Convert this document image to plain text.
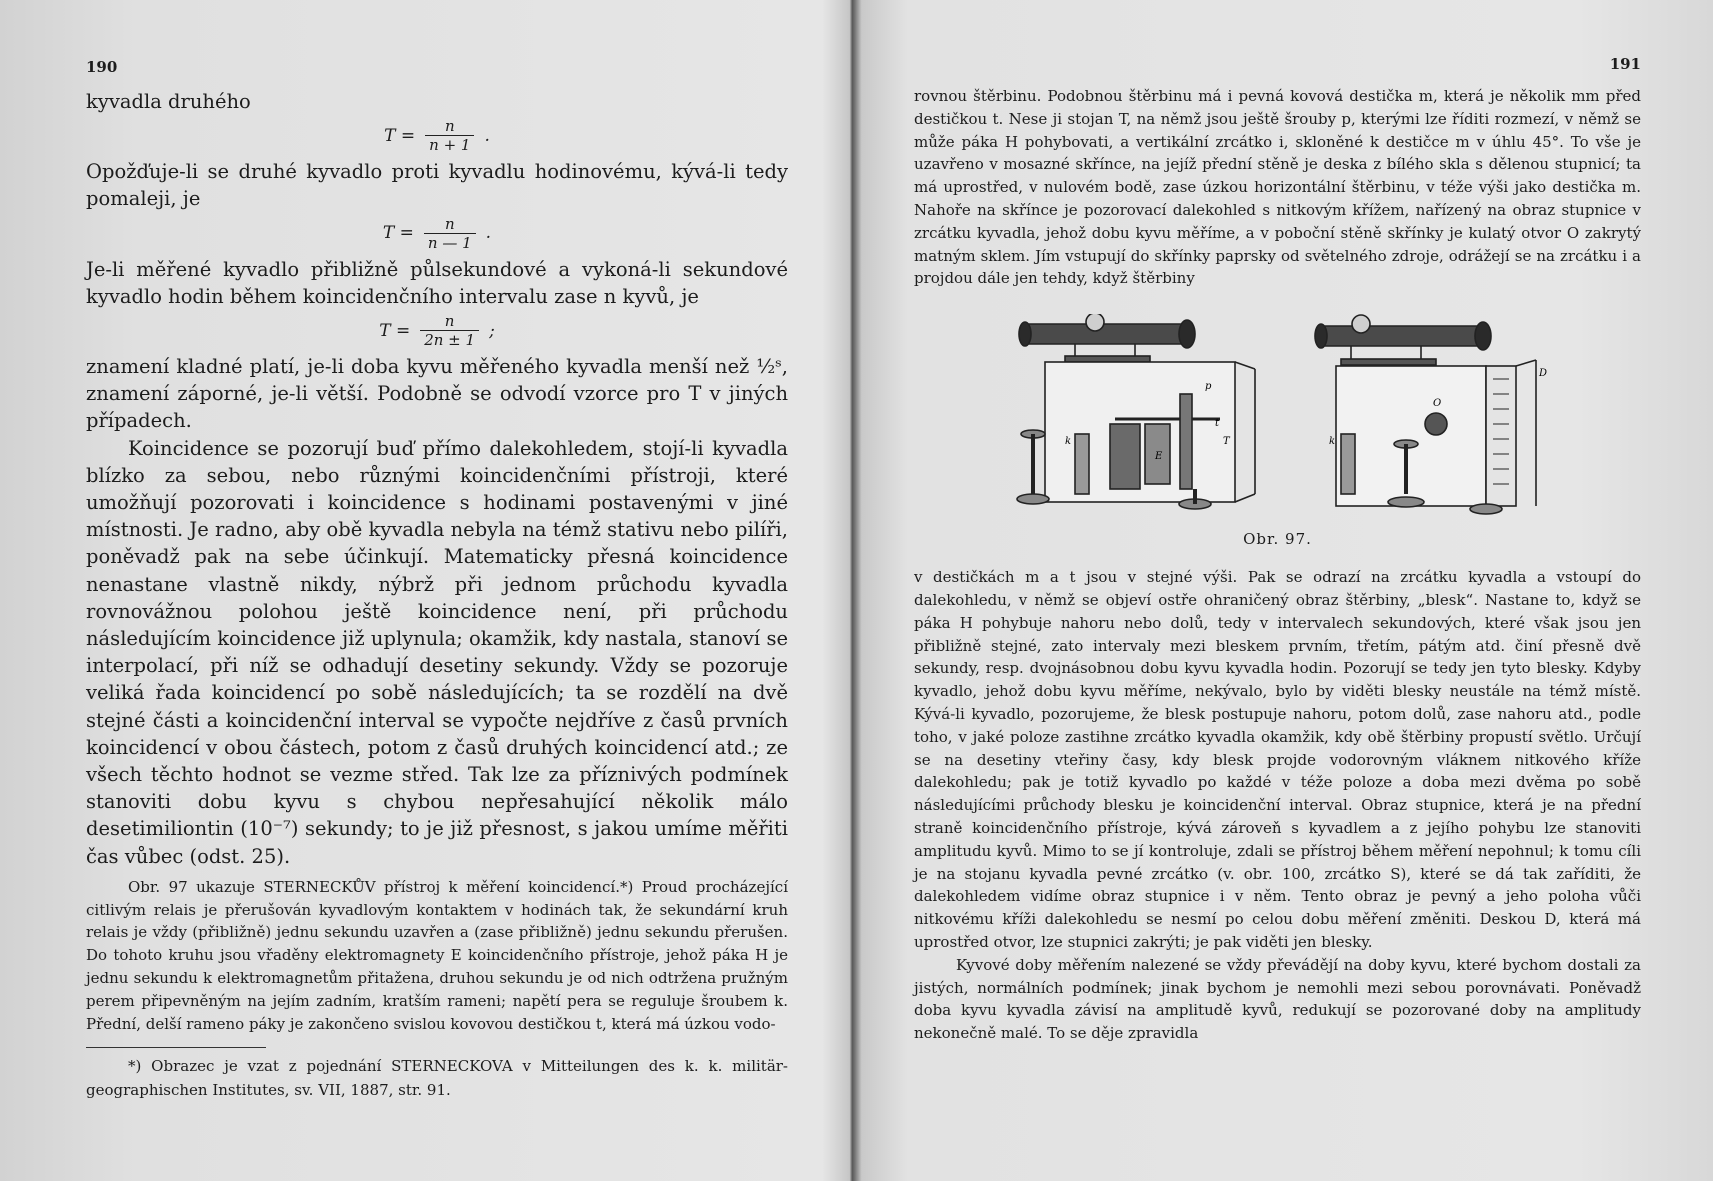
190

kyvadla druhého

$T = \frac{n}{n + 1}$ .

Opožďuje-li se druhé kyvadlo proti kyvadlu hodinovému, kývá-li tedy pomaleji, je

$T = \frac{n}{n — 1}$ .

Je-li měřené kyvadlo přibližně půlsekundové a vykoná-li sekundové kyvadlo hodin během koincidenčního intervalu zase n kyvů, je

$T = \frac{n}{2n \pm 1}$ ;

znamení kladné platí, je-li doba kyvu měřeného kyvadla menší než ½ˢ, znamení záporné, je-li větší. Podobně se odvodí vzorce pro T v jiných případech.

Koincidence se pozorují buď přímo dalekohledem, stojí-li kyvadla blízko za sebou, nebo různými koincidenčními přístroji, které umožňují pozorovati i koincidence s hodinami postavenými v jiné místnosti. Je radno, aby obě kyvadla nebyla na témž stativu nebo pilíři, poněvadž pak na sebe účinkují. Matematicky přesná koincidence nenastane vlastně nikdy, nýbrž při jednom průchodu kyvadla rovnovážnou polohou ještě koincidence není, při průchodu následujícím koincidence již uplynula; okamžik, kdy nastala, stanoví se interpolací, při níž se odhadují desetiny sekundy. Vždy se pozoruje veliká řada koincidencí po sobě následujících; ta se rozdělí na dvě stejné části a koincidenční interval se vypočte nejdříve z časů prvních koincidencí v obou částech, potom z časů druhých koincidencí atd.; ze všech těchto hodnot se vezme střed. Tak lze za příznivých podmínek stanoviti dobu kyvu s chybou nepřesahující několik málo desetimiliontin (10⁻⁷) sekundy; to je již přesnost, s jakou umíme měřiti čas vůbec (odst. 25).

Obr. 97 ukazuje STERNECKŮV přístroj k měření koincidencí.*) Proud procházející citlivým relais je přerušován kyvadlovým kontaktem v hodinách tak, že sekundární kruh relais je vždy (přibližně) jednu sekundu uzavřen a (zase přibližně) jednu sekundu přerušen. Do tohoto kruhu jsou vřaděny elektromagnety E koincidenčního přístroje, jehož páka H je jednu sekundu k elektromagnetům přitažena, druhou sekundu je od nich odtržena pružným perem připevněným na jejím zadním, kratším rameni; napětí pera se reguluje šroubem k. Přední, delší rameno páky je zakončeno svislou kovovou destičkou t, která má úzkou vodo-

*) Obrazec je vzat z pojednání STERNECKOVA v Mitteilungen des k. k. militär-geographischen Institutes, sv. VII, 1887, str. 91.

191

rovnou štěrbinu. Podobnou štěrbinu má i pevná kovová destička m, která je několik mm před destičkou t. Nese ji stojan T, na němž jsou ještě šrouby p, kterými lze říditi rozmezí, v němž se může páka H pohybovati, a vertikální zrcátko i, skloněné k destičce m v úhlu 45°. To vše je uzavřeno v mosazné skřínce, na jejíž přední stěně je deska z bílého skla s dělenou stupnicí; ta má uprostřed, v nulovém bodě, zase úzkou horizontální štěrbinu, v téže výši jako destička m. Nahoře na skřínce je pozorovací dalekohled s nitkovým křížem, nařízený na obraz stupnice v zrcátku kyvadla, jehož dobu kyvu měříme, a v poboční stěně skřínky je kulatý otvor O zakrytý matným sklem. Jím vstupují do skřínky paprsky od světelného zdroje, odrážejí se na zrcátku i a projdou dále jen tehdy, když štěrbiny

p
t
T
E
k
O
k
D
Obr. 97.

v destičkách m a t jsou v stejné výši. Pak se odrazí na zrcátku kyvadla a vstoupí do dalekohledu, v němž se objeví ostře ohraničený obraz štěrbiny, „blesk“. Nastane to, když se páka H pohybuje nahoru nebo dolů, tedy v intervalech sekundových, které však jsou jen přibližně stejné, zato intervaly mezi bleskem prvním, třetím, pátým atd. činí přesně dvě sekundy, resp. dvojnásobnou dobu kyvu kyvadla hodin. Pozorují se tedy jen tyto blesky. Kdyby kyvadlo, jehož dobu kyvu měříme, nekývalo, bylo by viděti blesky neustále na témž místě. Kývá-li kyvadlo, pozorujeme, že blesk postupuje nahoru, potom dolů, zase nahoru atd., podle toho, v jaké poloze zastihne zrcátko kyvadla okamžik, kdy obě štěrbiny propustí světlo. Určují se na desetiny vteřiny časy, kdy blesk projde vodorovným vláknem nitkového kříže dalekohledu; pak je totiž kyvadlo po každé v téže poloze a doba mezi dvěma po sobě následujícími průchody blesku je koincidenční interval. Obraz stupnice, která je na přední straně koincidenčního přístroje, kývá zároveň s kyvadlem a z jejího pohybu lze stanoviti amplitudu kyvů. Mimo to se jí kontroluje, zdali se přístroj během měření nepohnul; k tomu cíli je na stojanu kyvadla pevné zrcátko (v. obr. 100, zrcátko S), které se dá tak zaříditi, že dalekohledem vidíme obraz stupnice i v něm. Tento obraz je pevný a jeho poloha vůči nitkovému kříži dalekohledu se nesmí po celou dobu měření změniti. Deskou D, která má uprostřed otvor, lze stupnici zakrýti; je pak viděti jen blesky.

Kyvové doby měřením nalezené se vždy převádějí na doby kyvu, které bychom dostali za jistých, normálních podmínek; jinak bychom je nemohli mezi sebou porovnávati. Poněvadž doba kyvu kyvadla závisí na amplitudě kyvů, redukují se pozorované doby na amplitudy nekonečně malé. To se děje zpravidla
